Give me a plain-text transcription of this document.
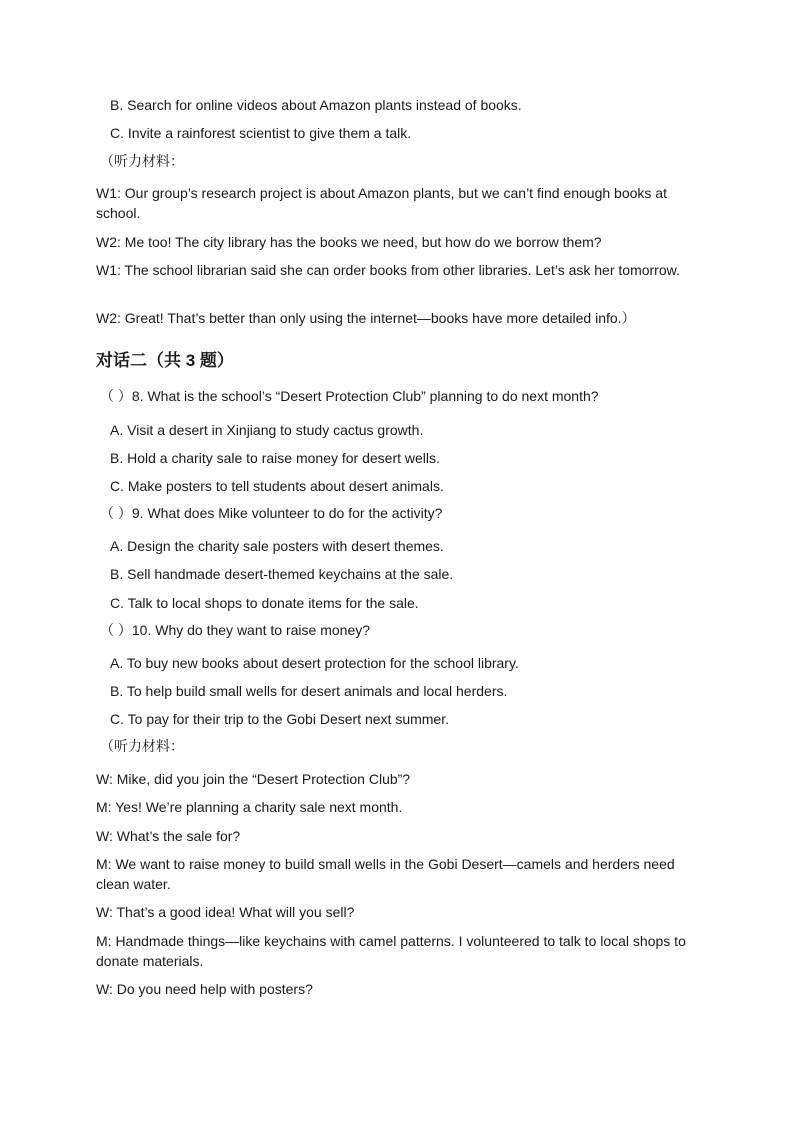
B. Search for online videos about Amazon plants instead of books.
C. Invite a rainforest scientist to give them a talk.
（听力材料：
W1: Our group’s research project is about Amazon plants, but we can’t find enough books at school.
W2: Me too! The city library has the books we need, but how do we borrow them?
W1: The school librarian said she can order books from other libraries. Let’s ask her tomorrow.
W2: Great! That’s better than only using the internet—books have more detailed info.）
对话二（共 3 题）
（ ）8. What is the school’s “Desert Protection Club” planning to do next month?
A. Visit a desert in Xinjiang to study cactus growth.
B. Hold a charity sale to raise money for desert wells.
C. Make posters to tell students about desert animals.
（ ）9. What does Mike volunteer to do for the activity?
A. Design the charity sale posters with desert themes.
B. Sell handmade desert-themed keychains at the sale.
C. Talk to local shops to donate items for the sale.
（ ）10. Why do they want to raise money?
A. To buy new books about desert protection for the school library.
B. To help build small wells for desert animals and local herders.
C. To pay for their trip to the Gobi Desert next summer.
（听力材料：
W: Mike, did you join the “Desert Protection Club”?
M: Yes! We’re planning a charity sale next month.
W: What’s the sale for?
M: We want to raise money to build small wells in the Gobi Desert—camels and herders need clean water.
W: That’s a good idea! What will you sell?
M: Handmade things—like keychains with camel patterns. I volunteered to talk to local shops to donate materials.
W: Do you need help with posters?
